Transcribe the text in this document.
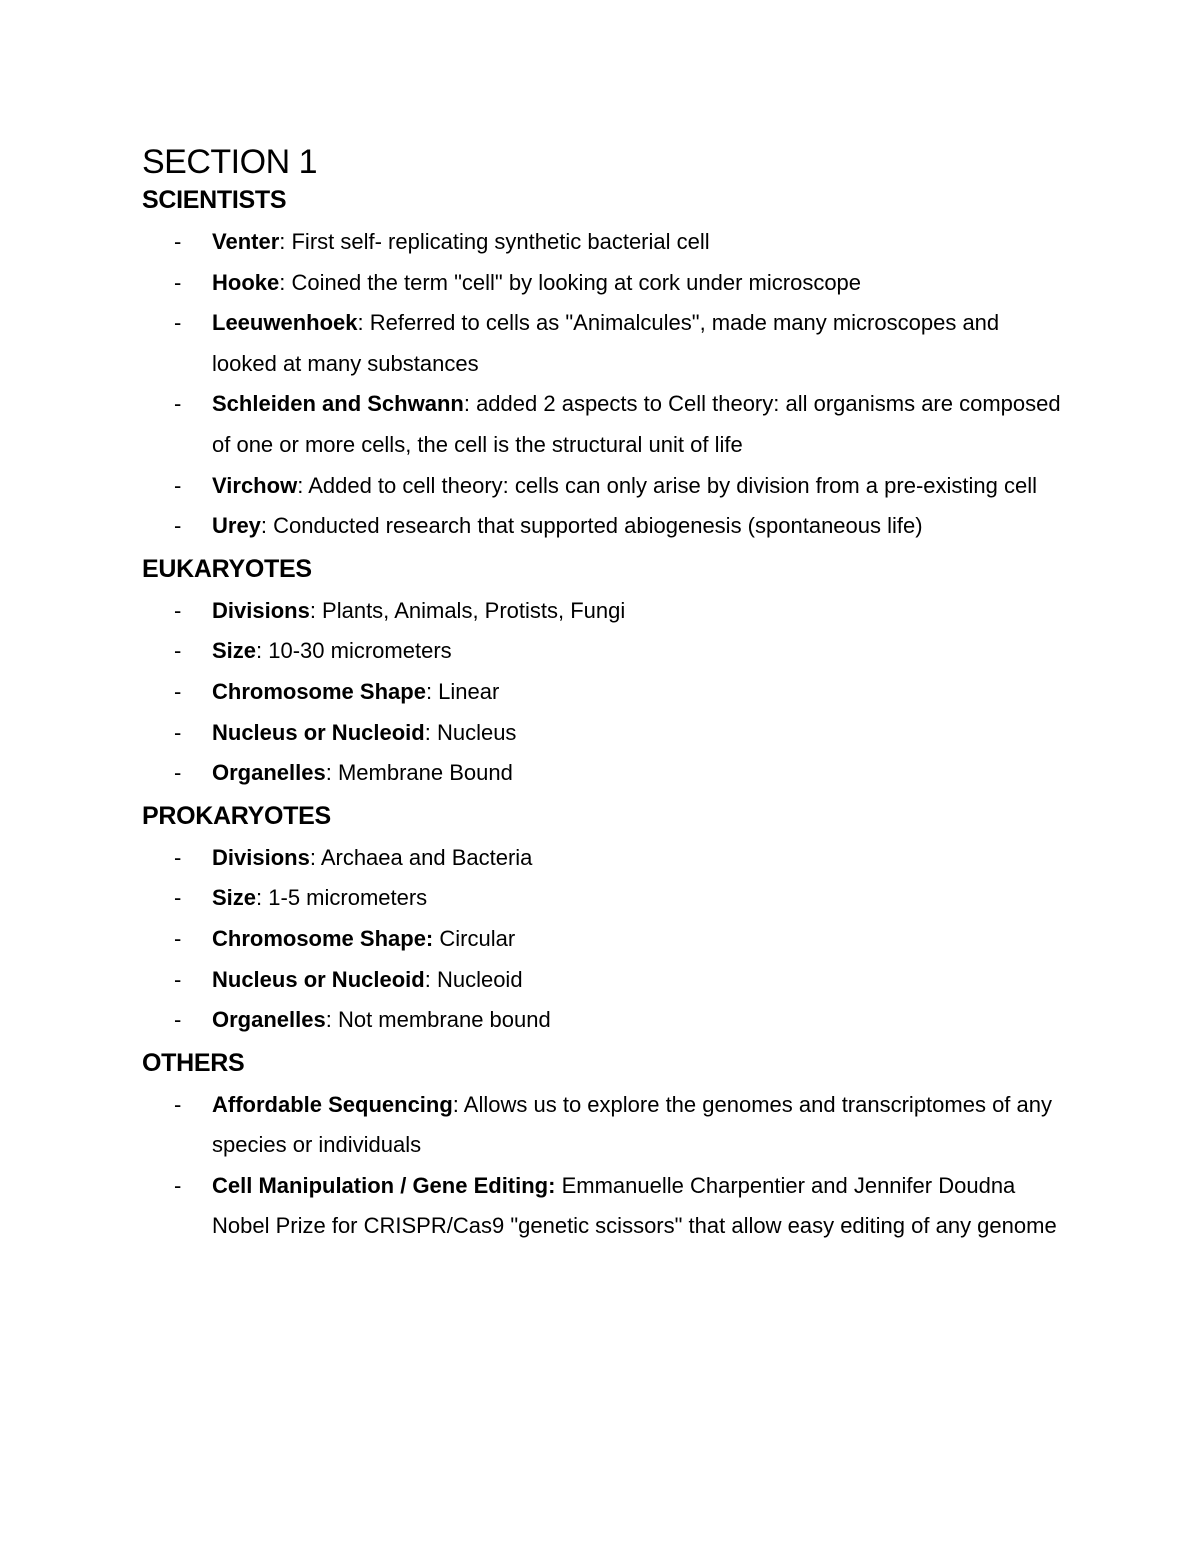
SECTION 1
SCIENTISTS
- Venter: First self- replicating synthetic bacterial cell
- Hooke: Coined the term "cell" by looking at cork under microscope
- Leeuwenhoek: Referred to cells as "Animalcules", made many microscopes and looked at many substances
- Schleiden and Schwann: added 2 aspects to Cell theory: all organisms are composed of one or more cells, the cell is the structural unit of life
- Virchow: Added to cell theory: cells can only arise by division from a pre-existing cell
- Urey: Conducted research that supported abiogenesis (spontaneous life)
EUKARYOTES
- Divisions: Plants, Animals, Protists, Fungi
- Size: 10-30 micrometers
- Chromosome Shape: Linear
- Nucleus or Nucleoid: Nucleus
- Organelles: Membrane Bound
PROKARYOTES
- Divisions: Archaea and Bacteria
- Size: 1-5 micrometers
- Chromosome Shape: Circular
- Nucleus or Nucleoid: Nucleoid
- Organelles: Not membrane bound
OTHERS
- Affordable Sequencing: Allows us to explore the genomes and transcriptomes of any species or individuals
- Cell Manipulation / Gene Editing: Emmanuelle Charpentier and Jennifer Doudna Nobel Prize for CRISPR/Cas9 "genetic scissors" that allow easy editing of any genome
